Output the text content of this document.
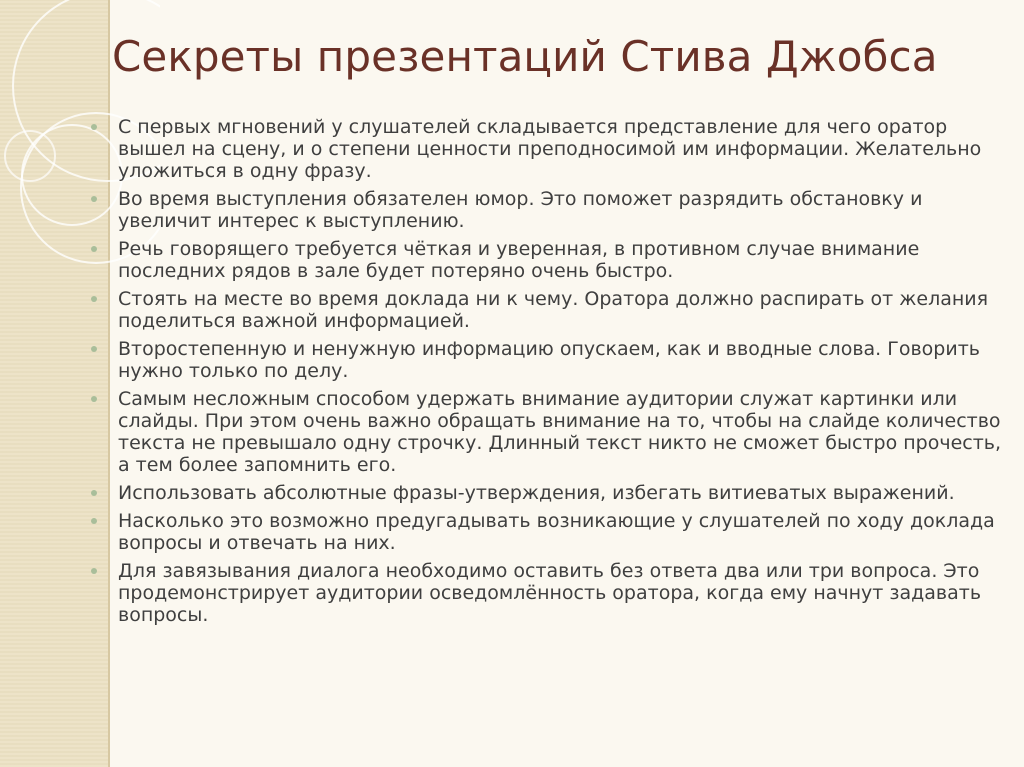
Секреты презентаций Стива Джобса
С первых мгновений у слушателей складывается представление для чего оратор вышел на сцену, и о степени ценности преподносимой им информации. Желательно уложиться в одну фразу.
Во время выступления обязателен юмор. Это поможет разрядить обстановку и увеличит интерес к выступлению.
Речь говорящего требуется чёткая и уверенная, в противном случае внимание последних рядов в зале будет потеряно очень быстро.
Стоять на месте во время доклада ни к чему. Оратора должно распирать от желания поделиться важной информацией.
Второстепенную и ненужную информацию опускаем, как и вводные слова. Говорить нужно только по делу.
Самым несложным способом удержать внимание аудитории служат картинки или слайды. При этом очень важно обращать внимание на то, чтобы на слайде количество текста не превышало одну строчку. Длинный текст никто не сможет быстро прочесть, а тем более запомнить его.
Использовать абсолютные фразы-утверждения, избегать витиеватых выражений.
Насколько это возможно предугадывать возникающие у слушателей по ходу доклада вопросы и отвечать на них.
Для завязывания диалога необходимо оставить без ответа два или три вопроса. Это продемонстрирует аудитории осведомлённость оратора, когда ему начнут задавать вопросы.
